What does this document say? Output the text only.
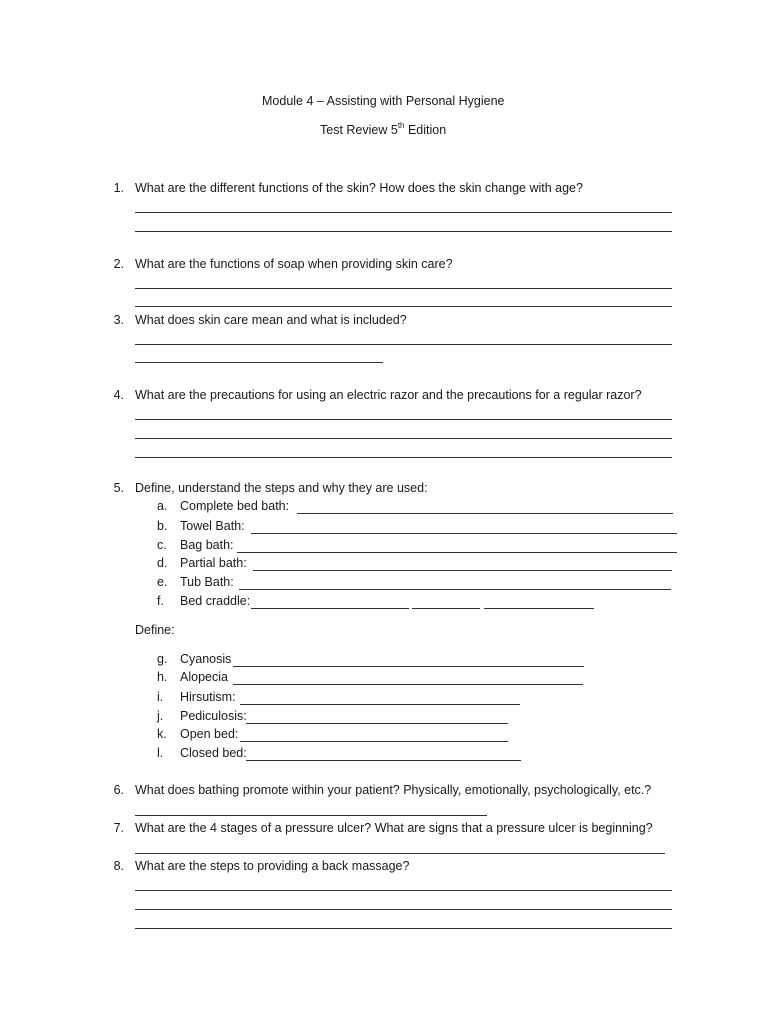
Module 4 – Assisting with Personal Hygiene
Test Review 5th Edition
1. What are the different functions of the skin? How does the skin change with age?
2. What are the functions of soap when providing skin care?
3. What does skin care mean and what is included?
4. What are the precautions for using an electric razor and the precautions for a regular razor?
5. Define, understand the steps and why they are used:
a. Complete bed bath:
b. Towel Bath:
c. Bag bath:
d. Partial bath:
e. Tub Bath:
f. Bed craddle:
Define:
g. Cyanosis
h. Alopecia
i. Hirsutism:
j. Pediculosis:
k. Open bed:
l. Closed bed:
6. What does bathing promote within your patient? Physically, emotionally, psychologically, etc.?
7. What are the 4 stages of a pressure ulcer? What are signs that a pressure ulcer is beginning?
8. What are the steps to providing a back massage?
